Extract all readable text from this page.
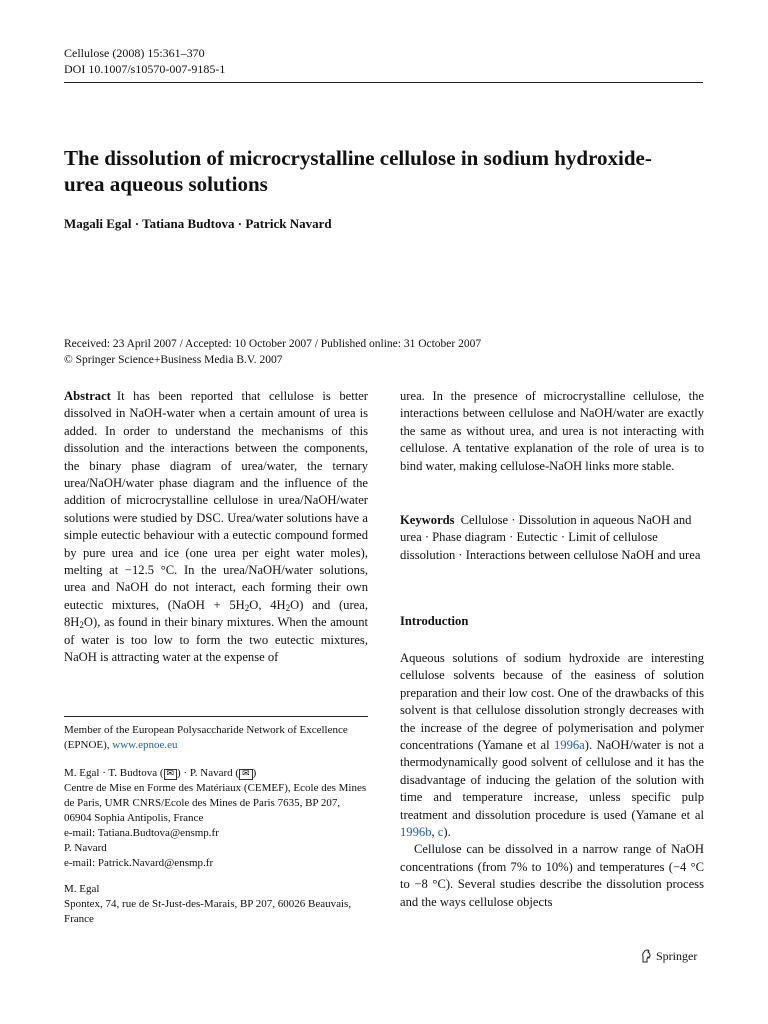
Cellulose (2008) 15:361–370
DOI 10.1007/s10570-007-9185-1
The dissolution of microcrystalline cellulose in sodium hydroxide-urea aqueous solutions
Magali Egal · Tatiana Budtova · Patrick Navard
Received: 23 April 2007 / Accepted: 10 October 2007 / Published online: 31 October 2007
© Springer Science+Business Media B.V. 2007

Abstract It has been reported that cellulose is better dissolved in NaOH-water when a certain amount of urea is added. In order to understand the mechanisms of this dissolution and the interactions between the components, the binary phase diagram of urea/water, the ternary urea/NaOH/water phase diagram and the influence of the addition of microcrystalline cellulose in urea/NaOH/water solutions were studied by DSC. Urea/water solutions have a simple eutectic behaviour with a eutectic compound formed by pure urea and ice (one urea per eight water moles), melting at −12.5 °C. In the urea/NaOH/water solutions, urea and NaOH do not interact, each forming their own eutectic mixtures, (NaOH + $5H_2O$, $4H_2O$) and (urea, $8H_2O$), as found in their binary mixtures. When the amount of water is too low to form the two eutectic mixtures, NaOH is attracting water at the expense of

Member of the European Polysaccharide Network of Excellence (EPNOE), www.epnoe.eu

M. Egal · T. Budtova ( ✉ ) · P. Navard ( ✉ )

Centre de Mise en Forme des Matériaux (CEMEF), Ecole des Mines de Paris, UMR CNRS/Ecole des Mines de Paris 7635, BP 207, 06904 Sophia Antipolis, France

e-mail: Tatiana.Budtova@ensmp.fr

P. Navard

e-mail: Patrick.Navard@ensmp.fr

M. Egal

Spontex, 74, rue de St-Just-des-Marais, BP 207, 60026 Beauvais, France

urea. In the presence of microcrystalline cellulose, the interactions between cellulose and NaOH/water are exactly the same as without urea, and urea is not interacting with cellulose. A tentative explanation of the role of urea is to bind water, making cellulose-NaOH links more stable.

Keywords Cellulose · Dissolution in aqueous NaOH and urea · Phase diagram · Eutectic · Limit of cellulose dissolution · Interactions between cellulose NaOH and urea

Introduction

Aqueous solutions of sodium hydroxide are interesting cellulose solvents because of the easiness of solution preparation and their low cost. One of the drawbacks of this solvent is that cellulose dissolution strongly decreases with the increase of the degree of polymerisation and polymer concentrations (Yamane et al 1996a). NaOH/water is not a thermodynamically good solvent of cellulose and it has the disadvantage of inducing the gelation of the solution with time and temperature increase, unless specific pulp treatment and dissolution procedure is used (Yamane et al 1996b, c).

Cellulose can be dissolved in a narrow range of NaOH concentrations (from 7% to 10%) and temperatures (−4 °C to −8 °C). Several studies describe the dissolution process and the ways cellulose objects

Springer
